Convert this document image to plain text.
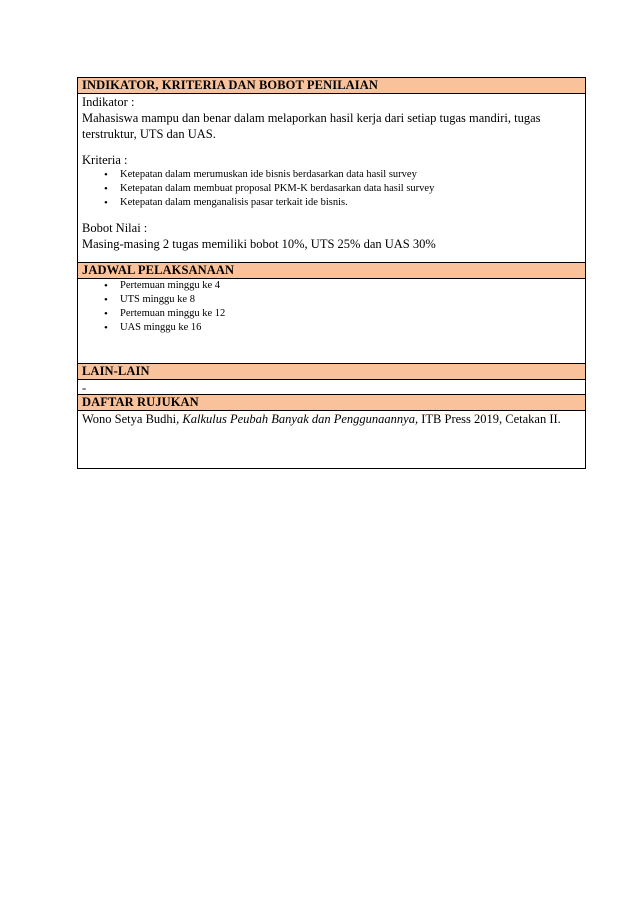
INDIKATOR, KRITERIA DAN BOBOT PENILAIAN

Indikator :

Mahasiswa mampu dan benar dalam melaporkan hasil kerja dari setiap tugas mandiri, tugas terstruktur, UTS dan UAS.

Kriteria :

• Ketepatan dalam merumuskan ide bisnis berdasarkan data hasil survey
• Ketepatan dalam membuat proposal PKM-K berdasarkan data hasil survey
• Ketepatan dalam menganalisis pasar terkait ide bisnis.

Bobot Nilai :

Masing-masing 2 tugas memiliki bobot 10%, UTS 25% dan UAS 30%

JADWAL PELAKSANAAN
• Pertemuan minggu ke 4
• UTS minggu ke 8
• Pertemuan minggu ke 12
• UAS minggu ke 16
LAIN-LAIN

-

DAFTAR RUJUKAN

Wono Setya Budhi, Kalkulus Peubah Banyak dan Penggunaannya, ITB Press 2019, Cetakan II.
